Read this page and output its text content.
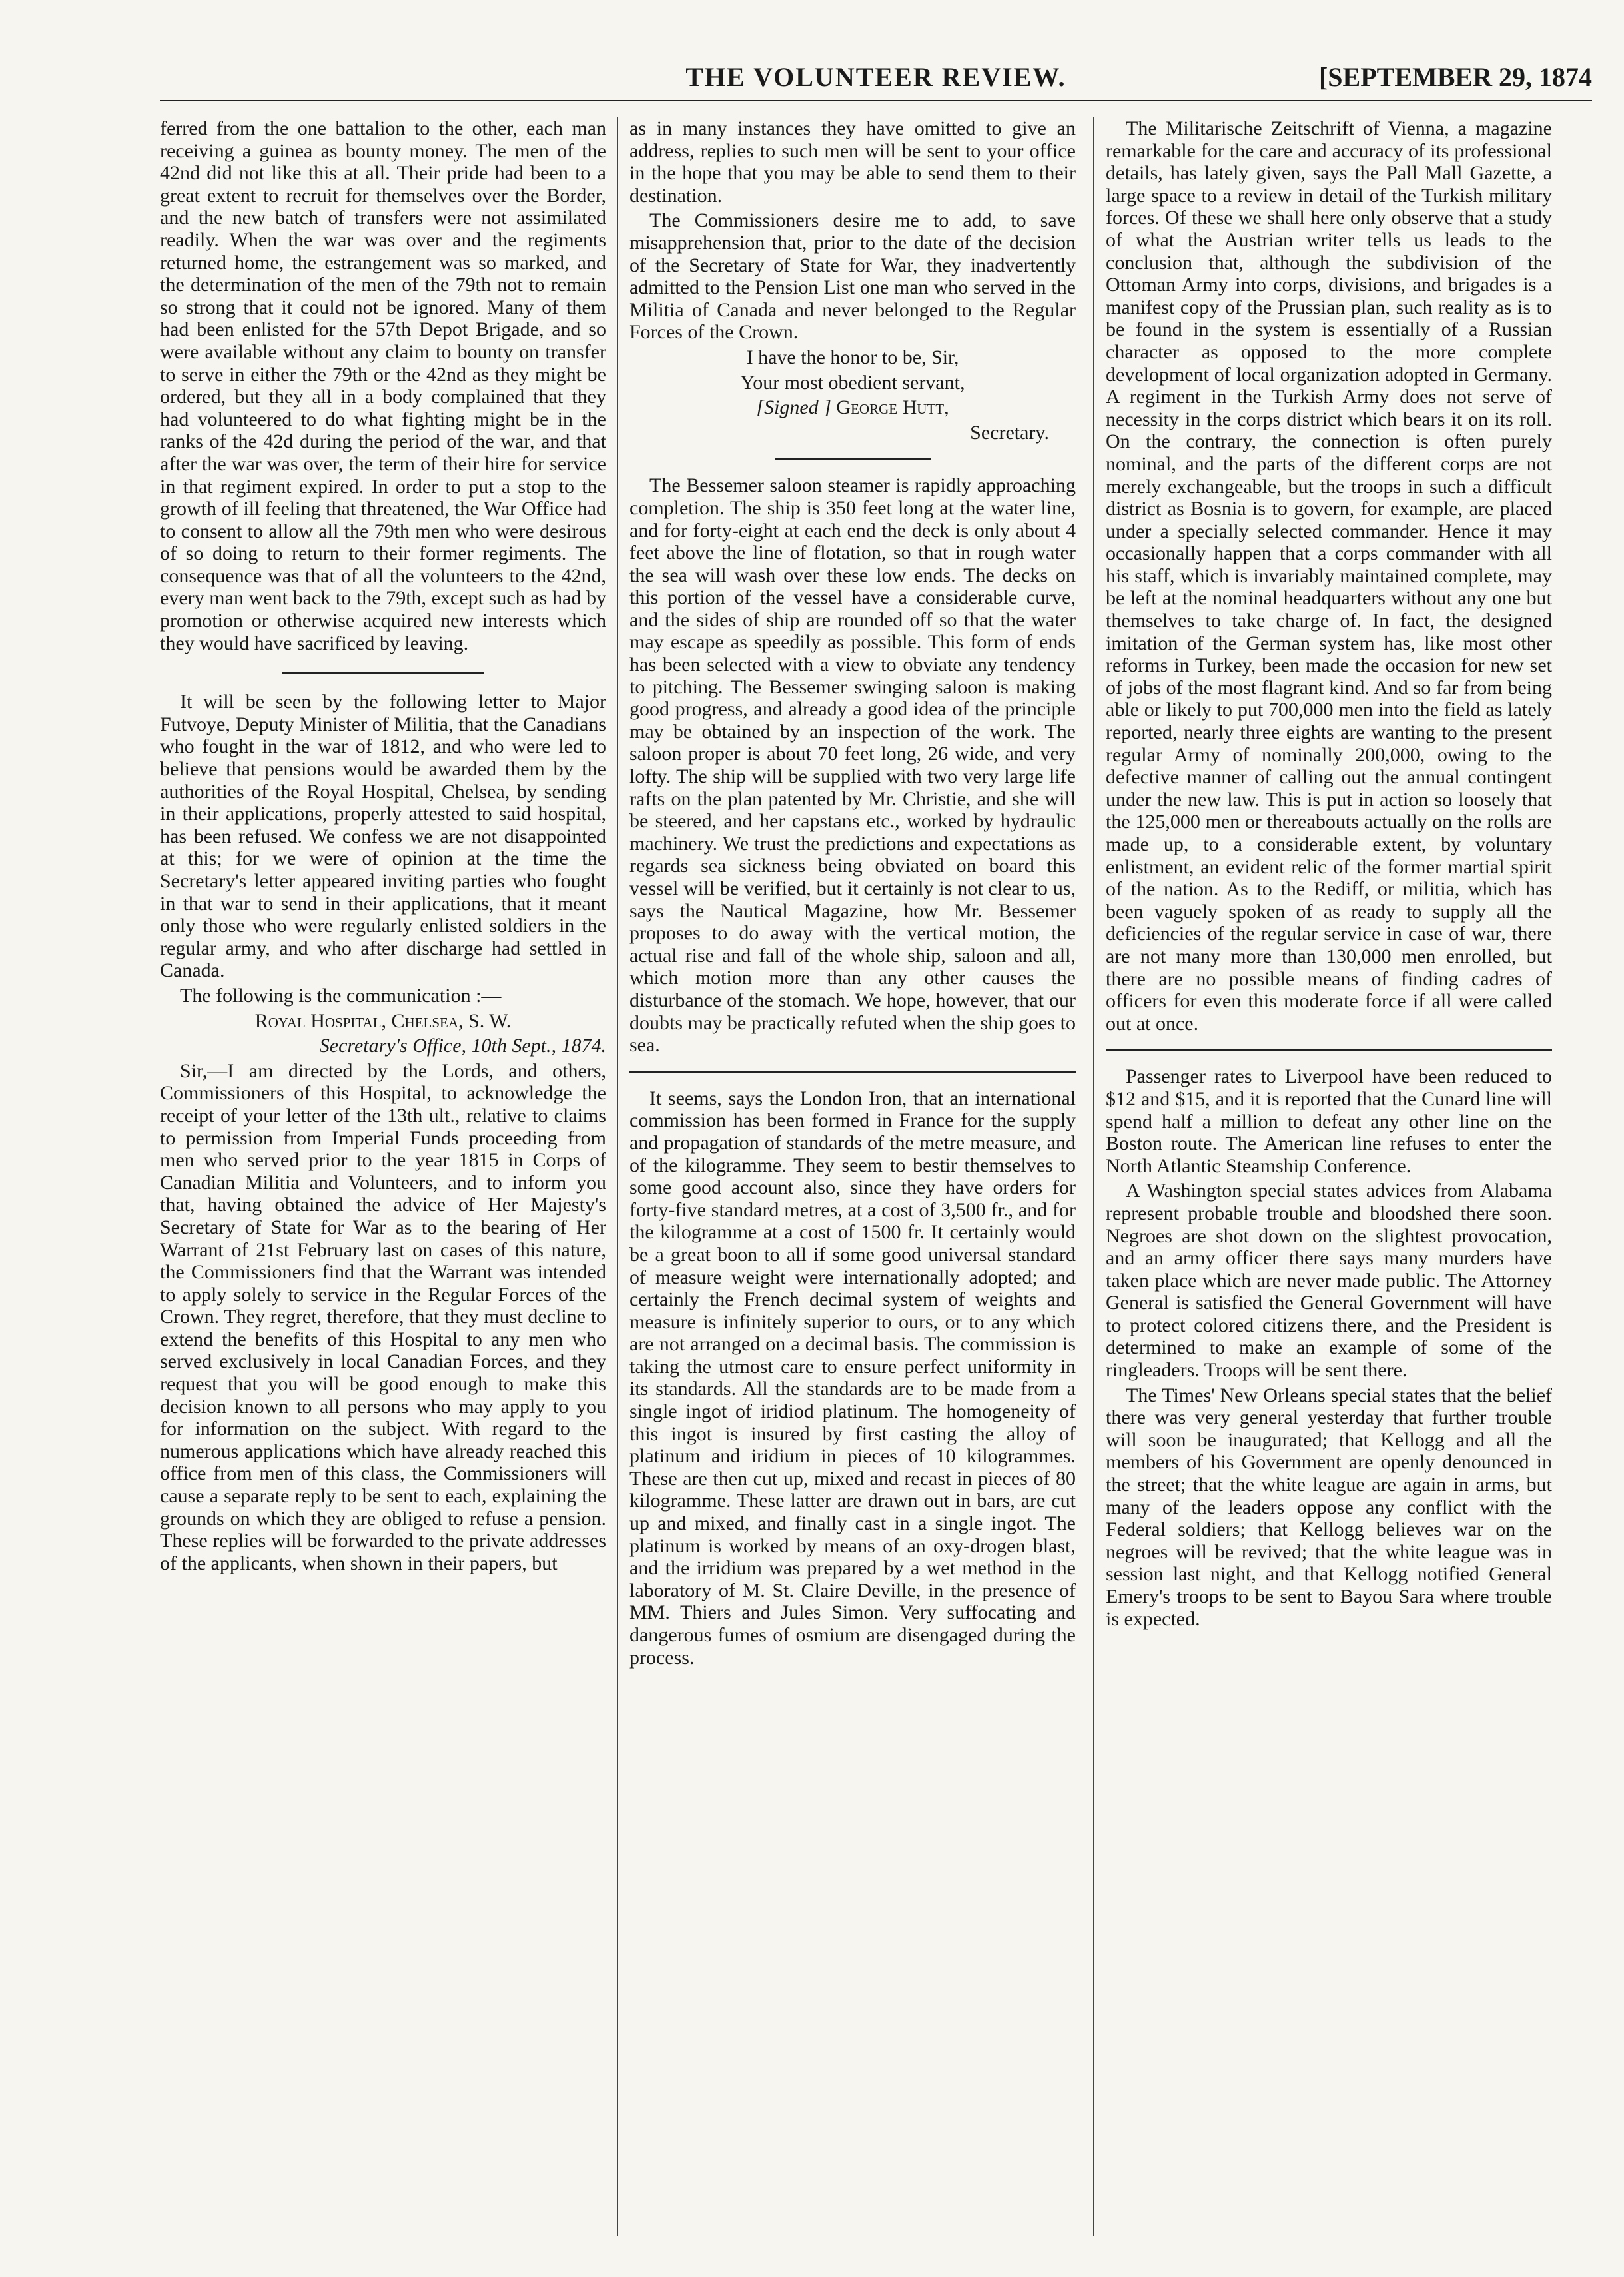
THE VOLUNTEER REVIEW.	[SEPTEMBER 29, 1874

ferred from the one battalion to the other, each man receiving a guinea as bounty money. The men of the 42nd did not like this at all. Their pride had been to a great extent to recruit for themselves over the Border, and the new batch of transfers were not assimilated readily. When the war was over and the regiments returned home, the estrangement was so marked, and the determination of the men of the 79th not to remain so strong that it could not be ignored. Many of them had been enlisted for the 57th Depot Brigade, and so were available without any claim to bounty on transfer to serve in either the 79th or the 42nd as they might be ordered, but they all in a body complained that they had volunteered to do what fighting might be in the ranks of the 42d during the period of the war, and that after the war was over, the term of their hire for service in that regiment expired. In order to put a stop to the growth of ill feeling that threatened, the War Office had to consent to allow all the 79th men who were desirous of so doing to return to their former regiments. The consequence was that of all the volunteers to the 42nd, every man went back to the 79th, except such as had by promotion or otherwise acquired new interests which they would have sacrificed by leaving.

It will be seen by the following letter to Major Futvoye, Deputy Minister of Militia, that the Canadians who fought in the war of 1812, and who were led to believe that pensions would be awarded them by the authorities of the Royal Hospital, Chelsea, by sending in their applications, properly attested to said hospital, has been refused. We confess we are not disappointed at this; for we were of opinion at the time the Secretary's letter appeared inviting parties who fought in that war to send in their applications, that it meant only those who were regularly enlisted soldiers in the regular army, and who after discharge had settled in Canada.

The following is the communication :—

Royal Hospital, Chelsea, S. W.

Secretary's Office, 10th Sept., 1874.

Sir,—I am directed by the Lords, and others, Commissioners of this Hospital, to acknowledge the receipt of your letter of the 13th ult., relative to claims to permission from Imperial Funds proceeding from men who served prior to the year 1815 in Corps of Canadian Militia and Volunteers, and to inform you that, having obtained the advice of Her Majesty's Secretary of State for War as to the bearing of Her Warrant of 21st February last on cases of this nature, the Commissioners find that the Warrant was intended to apply solely to service in the Regular Forces of the Crown. They regret, therefore, that they must decline to extend the benefits of this Hospital to any men who served exclusively in local Canadian Forces, and they request that you will be good enough to make this decision known to all persons who may apply to you for information on the subject. With regard to the numerous applications which have already reached this office from men of this class, the Commissioners will cause a separate reply to be sent to each, explaining the grounds on which they are obliged to refuse a pension. These replies will be forwarded to the private addresses of the applicants, when shown in their papers, but

as in many instances they have omitted to give an address, replies to such men will be sent to your office in the hope that you may be able to send them to their destination.

The Commissioners desire me to add, to save misapprehension that, prior to the date of the decision of the Secretary of State for War, they inadvertently admitted to the Pension List one man who served in the Militia of Canada and never belonged to the Regular Forces of the Crown.

I have the honor to be, Sir,

Your most obedient servant,

[Signed ] George Hutt,

Secretary.

The Bessemer saloon steamer is rapidly approaching completion. The ship is 350 feet long at the water line, and for forty-eight at each end the deck is only about 4 feet above the line of flotation, so that in rough water the sea will wash over these low ends. The decks on this portion of the vessel have a considerable curve, and the sides of ship are rounded off so that the water may escape as speedily as possible. This form of ends has been selected with a view to obviate any tendency to pitching. The Bessemer swinging saloon is making good progress, and already a good idea of the principle may be obtained by an inspection of the work. The saloon proper is about 70 feet long, 26 wide, and very lofty. The ship will be supplied with two very large life rafts on the plan patented by Mr. Christie, and she will be steered, and her capstans etc., worked by hydraulic machinery. We trust the predictions and expectations as regards sea sickness being obviated on board this vessel will be verified, but it certainly is not clear to us, says the Nautical Magazine, how Mr. Bessemer proposes to do away with the vertical motion, the actual rise and fall of the whole ship, saloon and all, which motion more than any other causes the disturbance of the stomach. We hope, however, that our doubts may be practically refuted when the ship goes to sea.

It seems, says the London Iron, that an international commission has been formed in France for the supply and propagation of standards of the metre measure, and of the kilogramme. They seem to bestir themselves to some good account also, since they have orders for forty-five standard metres, at a cost of 3,500 fr., and for the kilogramme at a cost of 1500 fr. It certainly would be a great boon to all if some good universal standard of measure weight were internationally adopted; and certainly the French decimal system of weights and measure is infinitely superior to ours, or to any which are not arranged on a decimal basis. The commission is taking the utmost care to ensure perfect uniformity in its standards. All the standards are to be made from a single ingot of iridiod platinum. The homogeneity of this ingot is insured by first casting the alloy of platinum and iridium in pieces of 10 kilogrammes. These are then cut up, mixed and recast in pieces of 80 kilogramme. These latter are drawn out in bars, are cut up and mixed, and finally cast in a single ingot. The platinum is worked by means of an oxy-drogen blast, and the irridium was prepared by a wet method in the laboratory of M. St. Claire Deville, in the presence of MM. Thiers and Jules Simon. Very suffocating and dangerous fumes of osmium are disengaged during the process.

The Militarische Zeitschrift of Vienna, a magazine remarkable for the care and accuracy of its professional details, has lately given, says the Pall Mall Gazette, a large space to a review in detail of the Turkish military forces. Of these we shall here only observe that a study of what the Austrian writer tells us leads to the conclusion that, although the subdivision of the Ottoman Army into corps, divisions, and brigades is a manifest copy of the Prussian plan, such reality as is to be found in the system is essentially of a Russian character as opposed to the more complete development of local organization adopted in Germany. A regiment in the Turkish Army does not serve of necessity in the corps district which bears it on its roll. On the contrary, the connection is often purely nominal, and the parts of the different corps are not merely exchangeable, but the troops in such a difficult district as Bosnia is to govern, for example, are placed under a specially selected commander. Hence it may occasionally happen that a corps commander with all his staff, which is invariably maintained complete, may be left at the nominal headquarters without any one but themselves to take charge of. In fact, the designed imitation of the German system has, like most other reforms in Turkey, been made the occasion for new set of jobs of the most flagrant kind. And so far from being able or likely to put 700,000 men into the field as lately reported, nearly three eights are wanting to the present regular Army of nominally 200,000, owing to the defective manner of calling out the annual contingent under the new law. This is put in action so loosely that the 125,000 men or thereabouts actually on the rolls are made up, to a considerable extent, by voluntary enlistment, an evident relic of the former martial spirit of the nation. As to the Rediff, or militia, which has been vaguely spoken of as ready to supply all the deficiencies of the regular service in case of war, there are not many more than 130,000 men enrolled, but there are no possible means of finding cadres of officers for even this moderate force if all were called out at once.

Passenger rates to Liverpool have been reduced to $12 and $15, and it is reported that the Cunard line will spend half a million to defeat any other line on the Boston route. The American line refuses to enter the North Atlantic Steamship Conference.

A Washington special states advices from Alabama represent probable trouble and bloodshed there soon. Negroes are shot down on the slightest provocation, and an army officer there says many murders have taken place which are never made public. The Attorney General is satisfied the General Government will have to protect colored citizens there, and the President is determined to make an example of some of the ringleaders. Troops will be sent there.

The Times' New Orleans special states that the belief there was very general yesterday that further trouble will soon be inaugurated; that Kellogg and all the members of his Government are openly denounced in the street; that the white league are again in arms, but many of the leaders oppose any conflict with the Federal soldiers; that Kellogg believes war on the negroes will be revived; that the white league was in session last night, and that Kellogg notified General Emery's troops to be sent to Bayou Sara where trouble is expected.
